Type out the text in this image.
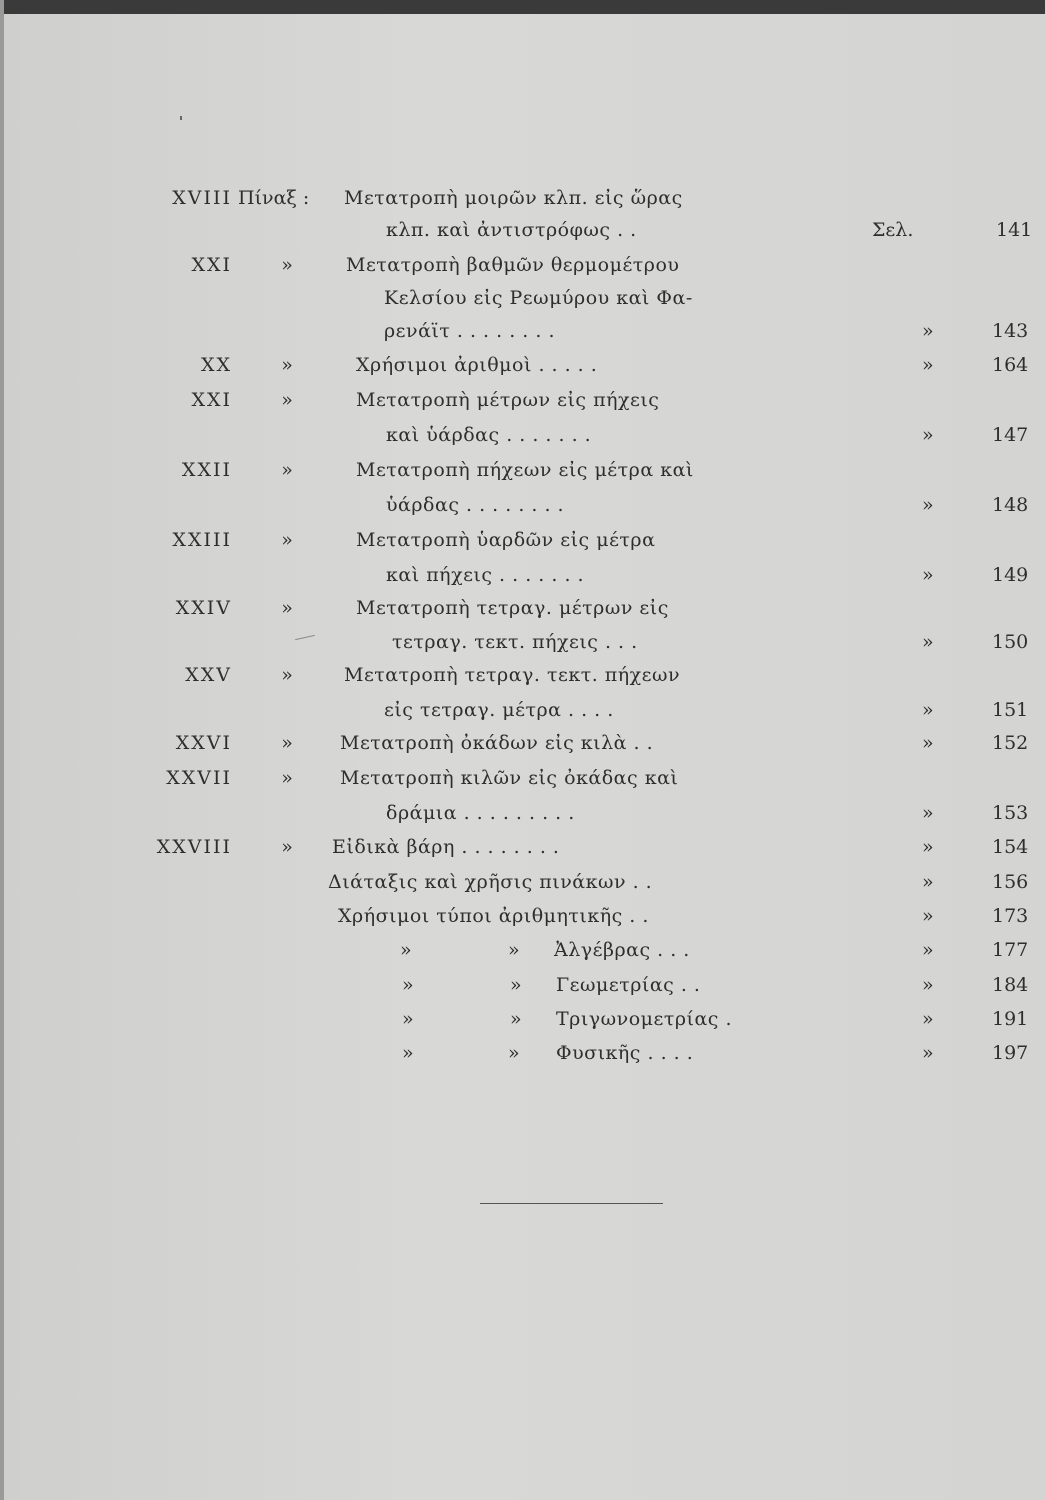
XVIII Πίναξ : Μετατροπὴ μοιρῶν κλπ. εἰς ὥρας
κλπ. καὶ ἀντιστρόφως . .	Σελ.	141
XXI	»	Μετατροπὴ βαθμῶν θερμομέτρου
Κελσίου εἰς Ρεωμύρου καὶ Φα-
ρενάϊτ . . . . . . . .	»	143
XX	»	Χρήσιμοι ἀριθμοὶ . . . . .	»	164
XXI	»	Μετατροπὴ μέτρων εἰς πήχεις
καὶ ὑάρδας . . . . . . .	»	147
XXII	»	Μετατροπὴ πήχεων εἰς μέτρα καὶ
ὑάρδας . . . . . . . .	»	148
XXIII	»	Μετατροπὴ ὑαρδῶν εἰς μέτρα
καὶ πήχεις . . . . . . .	»	149
XXIV	»	Μετατροπὴ τετραγ. μέτρων εἰς
τετραγ. τεκτ. πήχεις . . .	»	150
XXV	»	Μετατροπὴ τετραγ. τεκτ. πήχεων
εἰς τετραγ. μέτρα . . . .	»	151
XXVI	»	Μετατροπὴ ὀκάδων εἰς κιλὰ . .	»	152
XXVII	»	Μετατροπὴ κιλῶν εἰς ὀκάδας καὶ
δράμια . . . . . . . . .	»	153
XXVIII	»	Εἰδικὰ βάρη . . . . . . . .	»	154
Διάταξις καὶ χρῆσις πινάκων . .	»	156
Χρήσιμοι τύποι ἀριθμητικῆς . .	»	173
»	» Ἀλγέβρας . . .	»	177
»	» Γεωμετρίας . .	»	184
»	» Τριγωνομετρίας .	»	191
»	» Φυσικῆς . . . .	»	197
